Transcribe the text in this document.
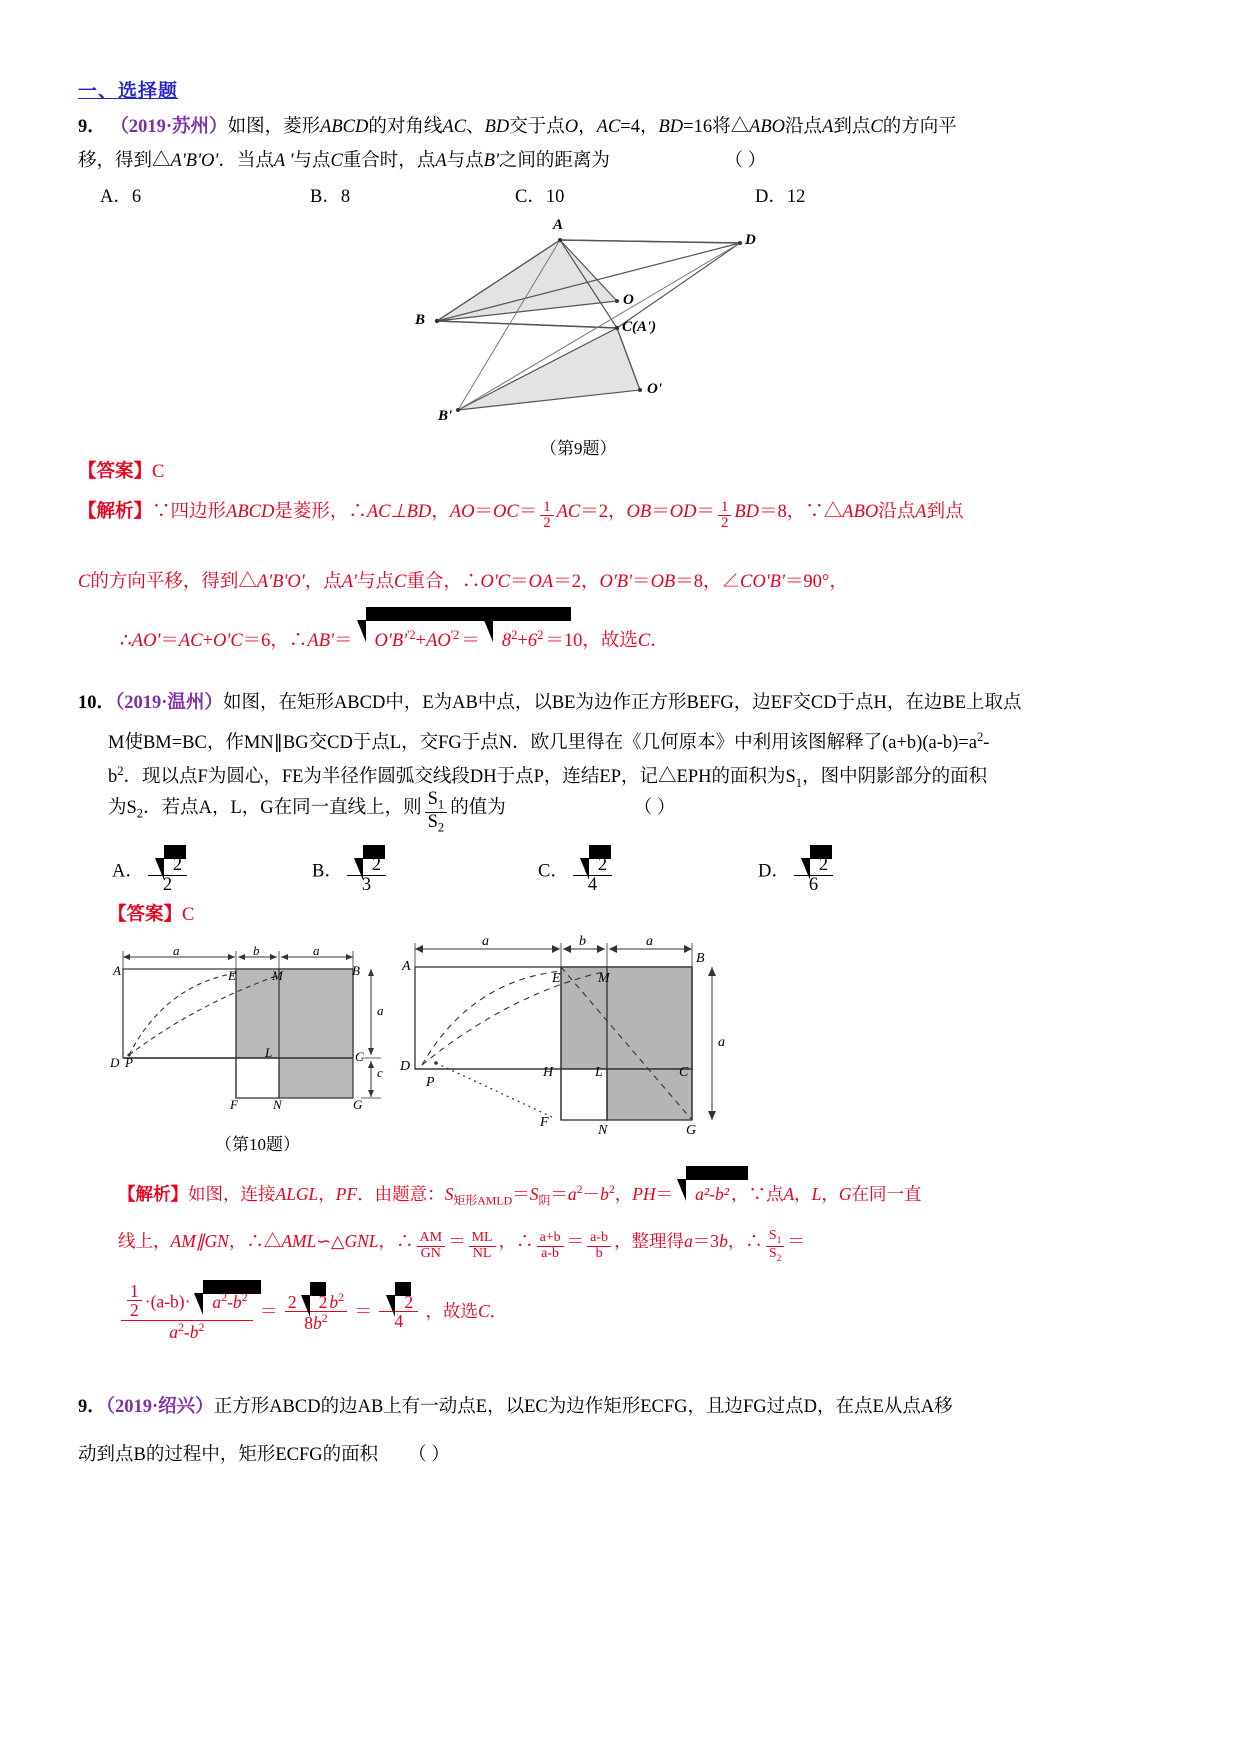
一、选择题
9． （2019·苏州）如图，菱形ABCD的对角线AC、BD交于点O，AC=4，BD=16将△ABO沿点A到点C的方向平
移，得到△A'B'O'．当点A '与点C重合时，点A与点B'之间的距离为	（ ）
A．6	B．8	C．10	D．12
A
B	C(A')
D
O
O'
B'
（第9题）
【答案】C
【解析】∵四边形ABCD是菱形，∴AC⊥BD，$AO=OC= \frac{1}{2} AC=2$，$OB=OD= \frac{1}{2} BD=8$，∵△ABO沿点A到点
C的方向平移，得到△A'B'O'，点A'与点C重合，∴O'C＝OA＝2，O'B'＝OB＝8，∠CO'B'＝90°，
∴AO'＝AC+O'C＝6，∴AB'＝ $O'B'^{'2}+AO^{'2} = 8^2+6^2 =10$，故选C．
10．（2019·温州）如图，在矩形ABCD中，E为AB中点，以BE为边作正方形BEFG，边EF交CD于点H，在边BE上取点
M使BM=BC，作MN∥BG交CD于点L，交FG于点N．欧几里得在《几何原本》中利用该图解释了$(a+b)(a-b)=a^2-$
$b^2$．现以点F为圆心，FE为半径作圆弧交线段DH于点P，连结EP，记△EPH的面积为$S_1$，图中阴影部分的面积
为$S_2$．若点A，L，G在同一直线上，则 $\frac{S_1}{S_2}$ 的值为	（ ）
A． $\frac{2}{2}$	B． $\frac{2}{3}$	C． $\frac{2}{4}$	D． $\frac{2}{6}$
【答案】C
A	B
C
D P
E	M
L
F	N	G
a	b	a
a
c
（第10题）
A
B
C
D
P
E	M
H	L
F
N	G
a	b	a
a
【解析】如图，连接ALGL，PF．由题意：$S_{矩形AMLD}=S_阴=a^2-b^2$，PH＝ a²-b² ，∵点A，L，G在同一直
线上，AM∥GN，∴△AML∽△GNL，∴ $\frac{AM}{GN} = \frac{ML}{NL}$ ，∴ $\frac{a+b}{a-b} = \frac{a-b}{b}$ ，整理得a＝3b，∴ $\frac{S_1}{S_2}$ ＝
$\frac{\frac{1}{2} \cdot(a-b)\cdot a^2-b^2}{a^2-b^2} = \frac{2 2 b^2}{8b^2} = \frac{2}{4}$ ，故选C．
9．（2019·绍兴）正方形ABCD的边AB上有一动点E，以EC为边作矩形ECFG，且边FG过点D，在点E从点A移
动到点B的过程中，矩形ECFG的面积 （ ）
